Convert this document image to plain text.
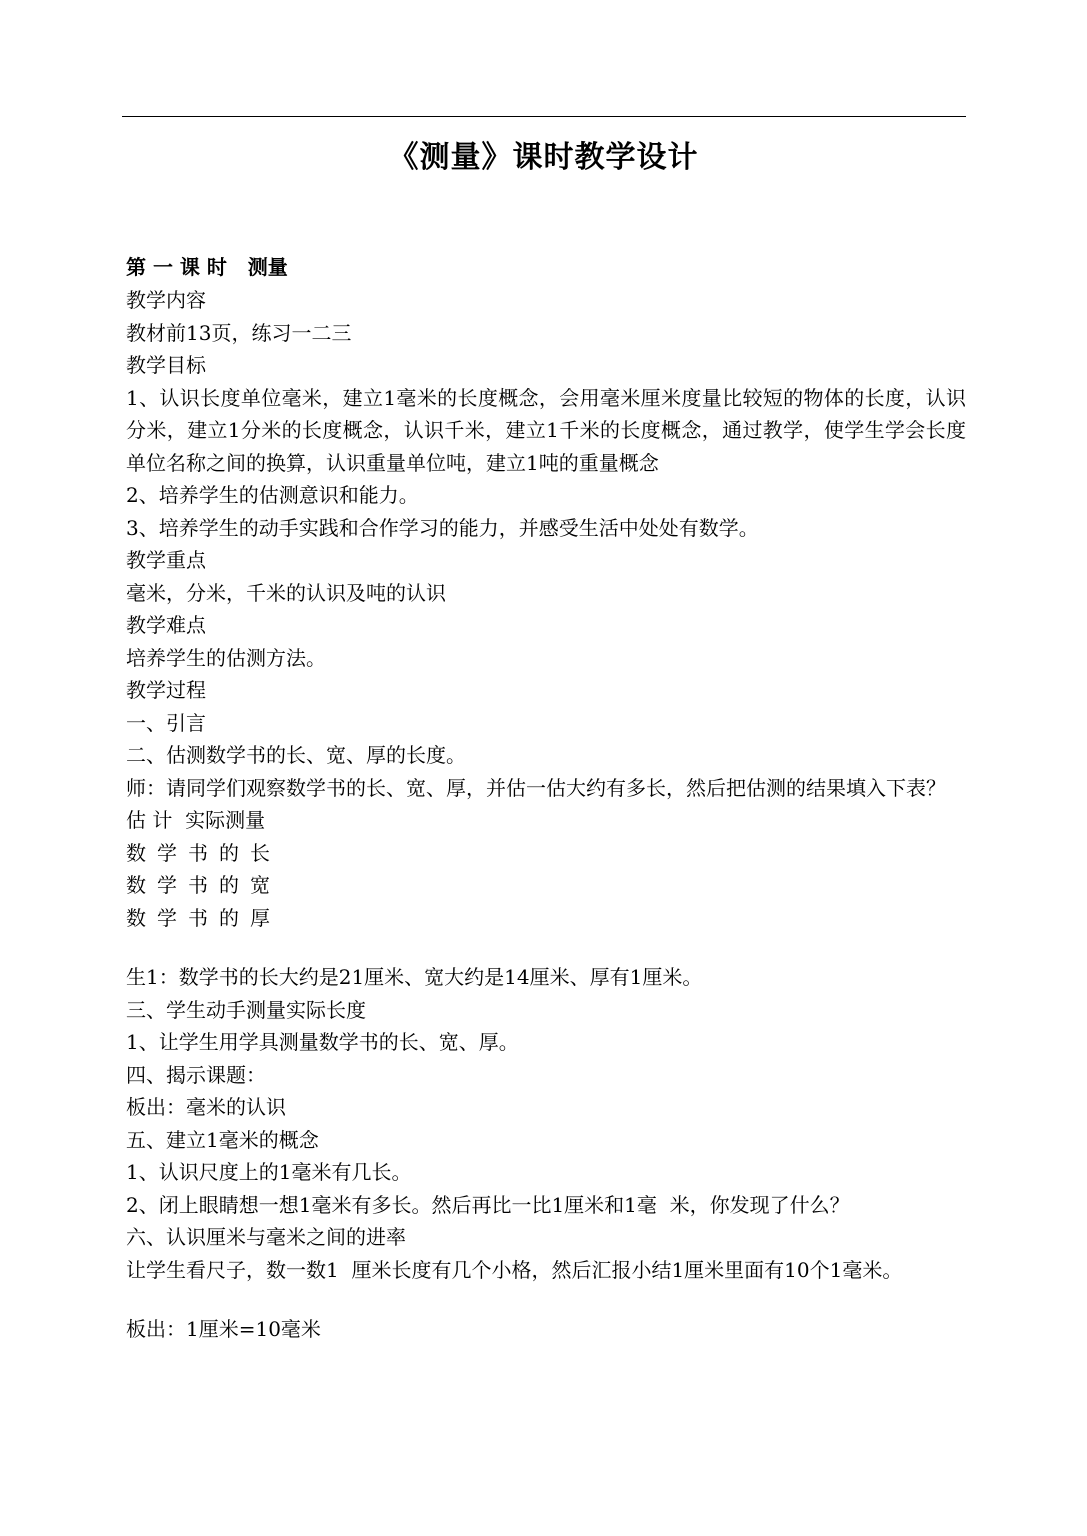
《测量》课时教学设计
第 一 课 时   测量

教学内容

教材前13页，练习一二三

教学目标

1、认识长度单位毫米，建立1毫米的长度概念，会用毫米厘米度量比较短的物体的长度，认识分米，建立1分米的长度概念，认识千米，建立1千米的长度概念，通过教学，使学生学会长度单位名称之间的换算，认识重量单位吨，建立1吨的重量概念

2、培养学生的估测意识和能力。

3、培养学生的动手实践和合作学习的能力，并感受生活中处处有数学。

教学重点

毫米，分米，千米的认识及吨的认识

教学难点

培养学生的估测方法。

教学过程

一、引言

二、估测数学书的长、宽、厚的长度。

师：请同学们观察数学书的长、宽、厚，并估一估大约有多长，然后把估测的结果填入下表？

估 计  实际测量

数学书的长

数学书的宽

数学书的厚

生1：数学书的长大约是21厘米、宽大约是14厘米、厚有1厘米。

三、学生动手测量实际长度

1、让学生用学具测量数学书的长、宽、厚。

四、揭示课题：

板出：毫米的认识

五、建立1毫米的概念

1、认识尺度上的1毫米有几长。

2、闭上眼睛想一想1毫米有多长。然后再比一比1厘米和1毫  米，你发现了什么？

六、认识厘米与毫米之间的进率

让学生看尺子，数一数1  厘米长度有几个小格，然后汇报小结1厘米里面有10个1毫米。

板出：1厘米=10毫米
